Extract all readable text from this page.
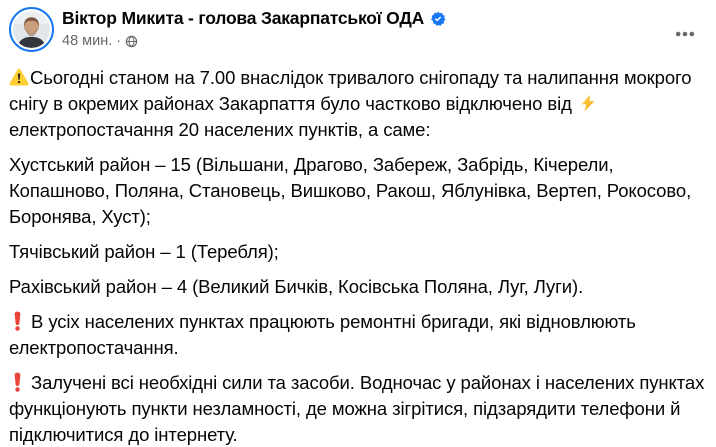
Віктор Микита - голова Закарпатської ОДА
48 мин. ·
Сьогодні станом на 7.00 внаслідок тривалого снігопаду та налипання мокрого снігу в окремих районах Закарпаття було частково відключено від  електропостачання 20 населених пунктів, а саме:
Хустський район – 15 (Вільшани, Драгово, Забереж, Забрідь, Кічерели, Копашново, Поляна, Становець, Вишково, Ракош, Яблунівка, Вертеп, Рокосово, Боронява, Хуст);
Тячівський район – 1 (Теребля);
Рахівський район – 4 (Великий Бичків, Косівська Поляна, Луг, Луги).
В усіх населених пунктах працюють ремонтні бригади, які відновлюють електропостачання.
Залучені всі необхідні сили та засоби. Водночас у районах і населених пунктах функціонують пункти незламності, де можна зігрітися, підзарядити телефони й підключитися до інтернету.
